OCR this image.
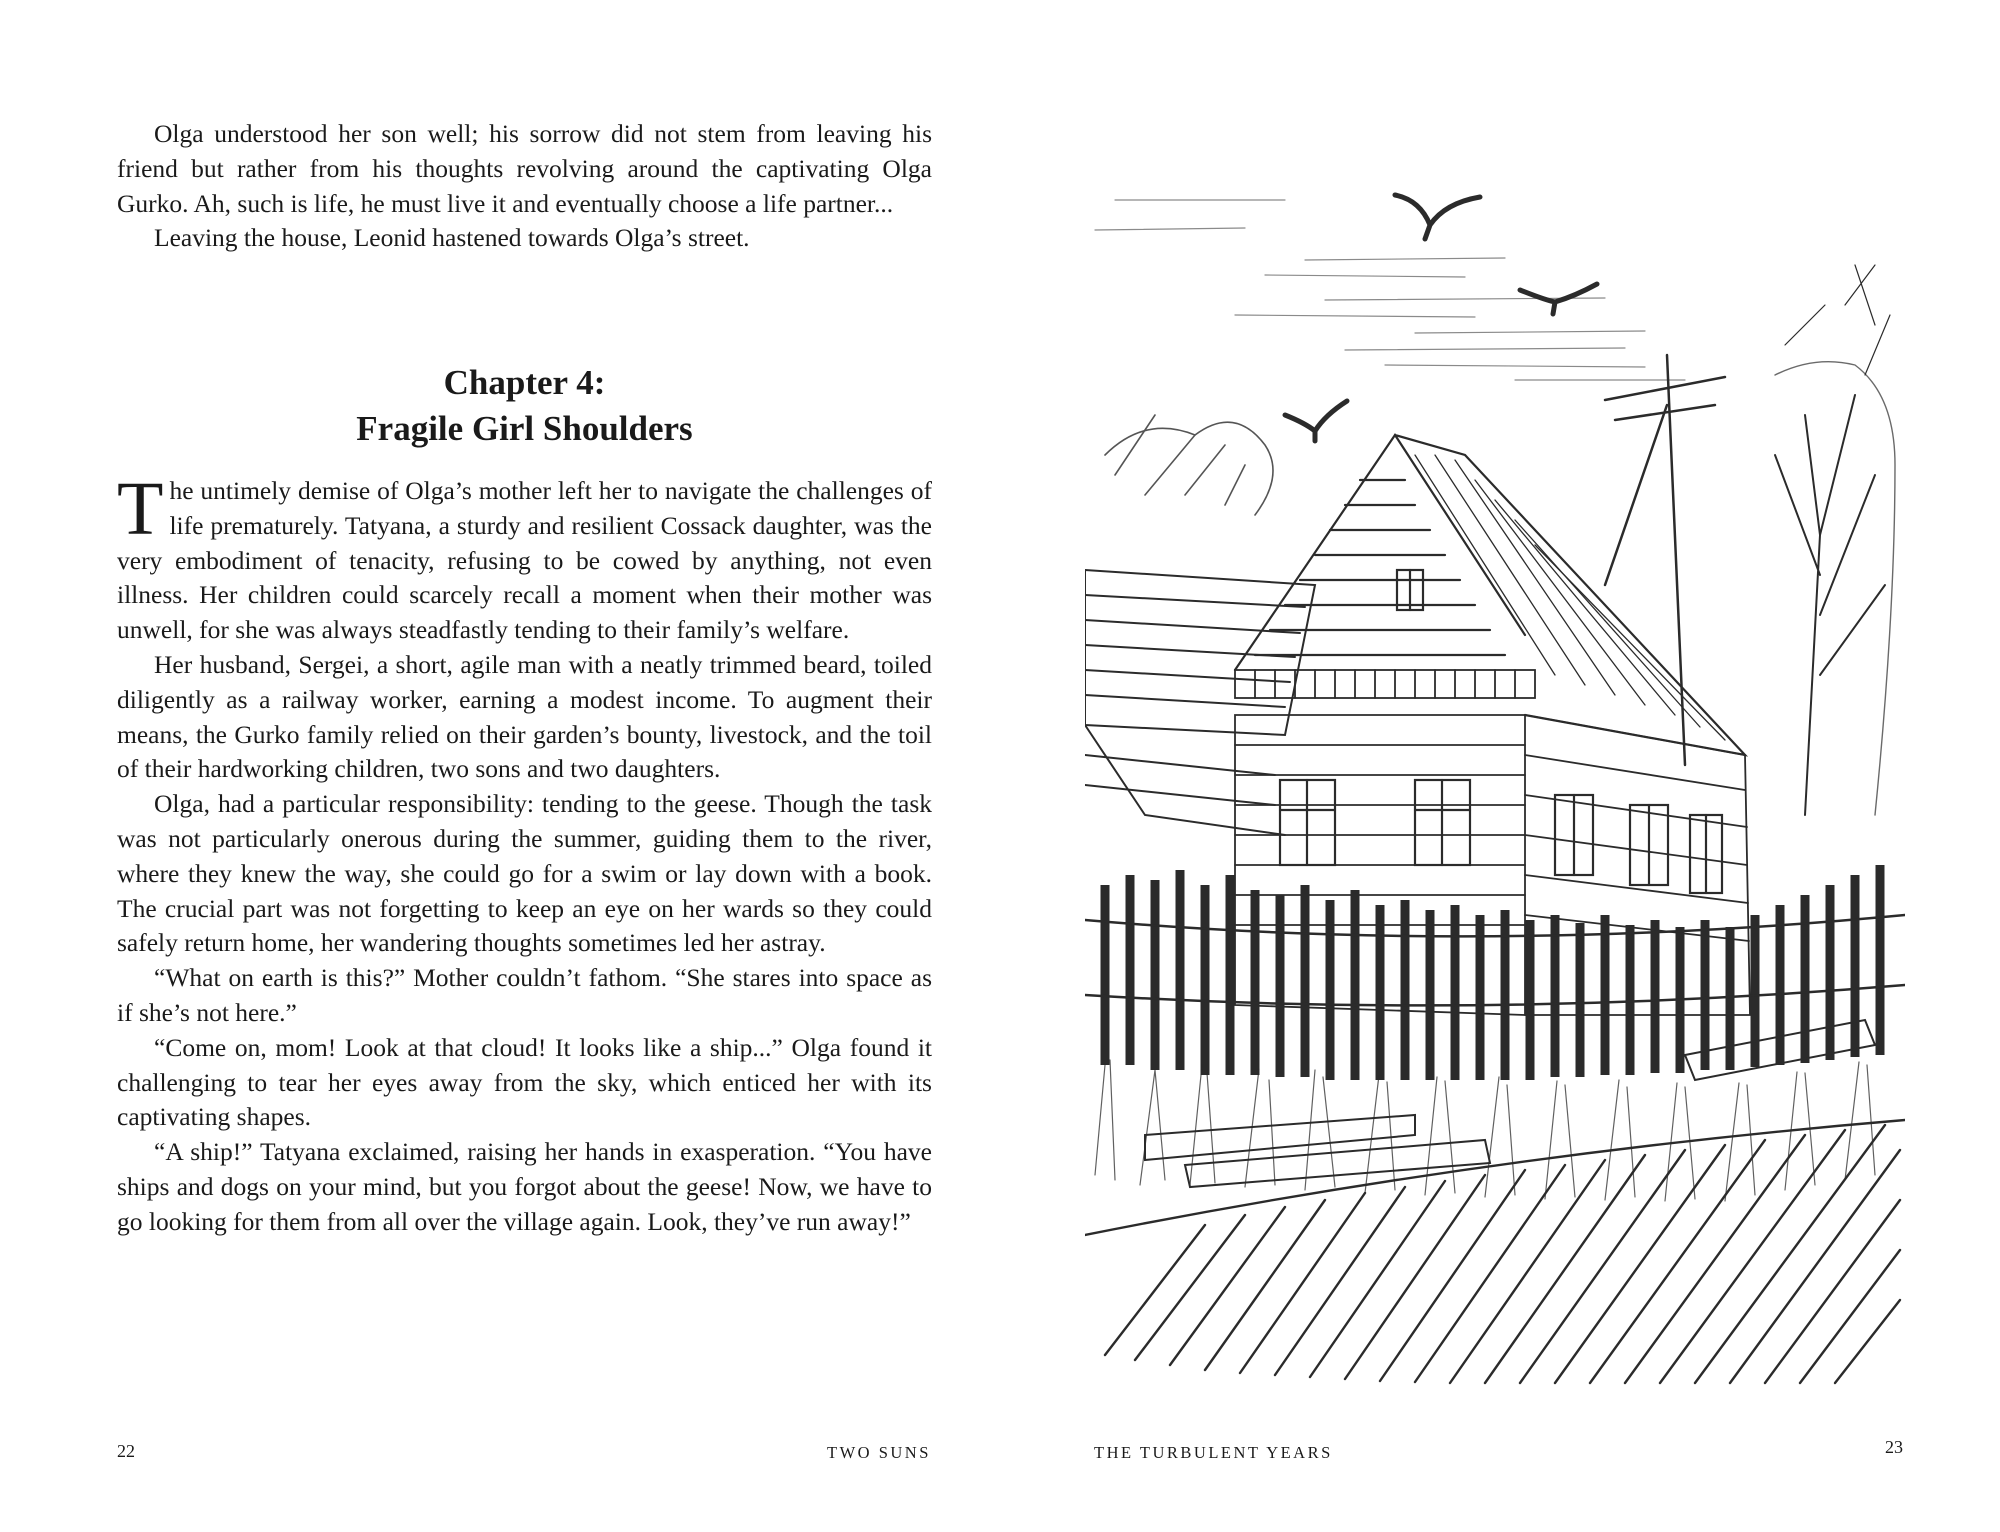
Olga understood her son well; his sorrow did not stem from leaving his friend but rather from his thoughts revolving around the captivating Olga Gurko. Ah, such is life, he must live it and eventually choose a life partner...

Leaving the house, Leonid hastened towards Olga’s street.

Chapter 4:
Fragile Girl Shoulders

The untimely demise of Olga’s mother left her to navigate the challenges of life prematurely. Tatyana, a sturdy and resilient Cossack daughter, was the very embodiment of tenacity, refusing to be cowed by anything, not even illness. Her children could scarcely recall a moment when their mother was unwell, for she was always steadfastly tending to their family’s welfare.

Her husband, Sergei, a short, agile man with a neatly trimmed beard, toiled diligently as a railway worker, earning a modest income. To augment their means, the Gurko family relied on their garden’s bounty, livestock, and the toil of their hardworking children, two sons and two daughters.

Olga, had a particular responsibility: tending to the geese. Though the task was not particularly onerous during the summer, guiding them to the river, where they knew the way, she could go for a swim or lay down with a book. The crucial part was not forgetting to keep an eye on her wards so they could safely return home, her wandering thoughts sometimes led her astray.

“What on earth is this?” Mother couldn’t fathom. “She stares into space as if she’s not here.”

“Come on, mom! Look at that cloud! It looks like a ship...” Olga found it challenging to tear her eyes away from the sky, which enticed her with its captivating shapes.

“A ship!” Tatyana exclaimed, raising her hands in exasperation. “You have ships and dogs on your mind, but you forgot about the geese! Now, we have to go looking for them from all over the village again. Look, they’ve run away!”

22	TWO SUNS	THE TURBULENT YEARS	23
